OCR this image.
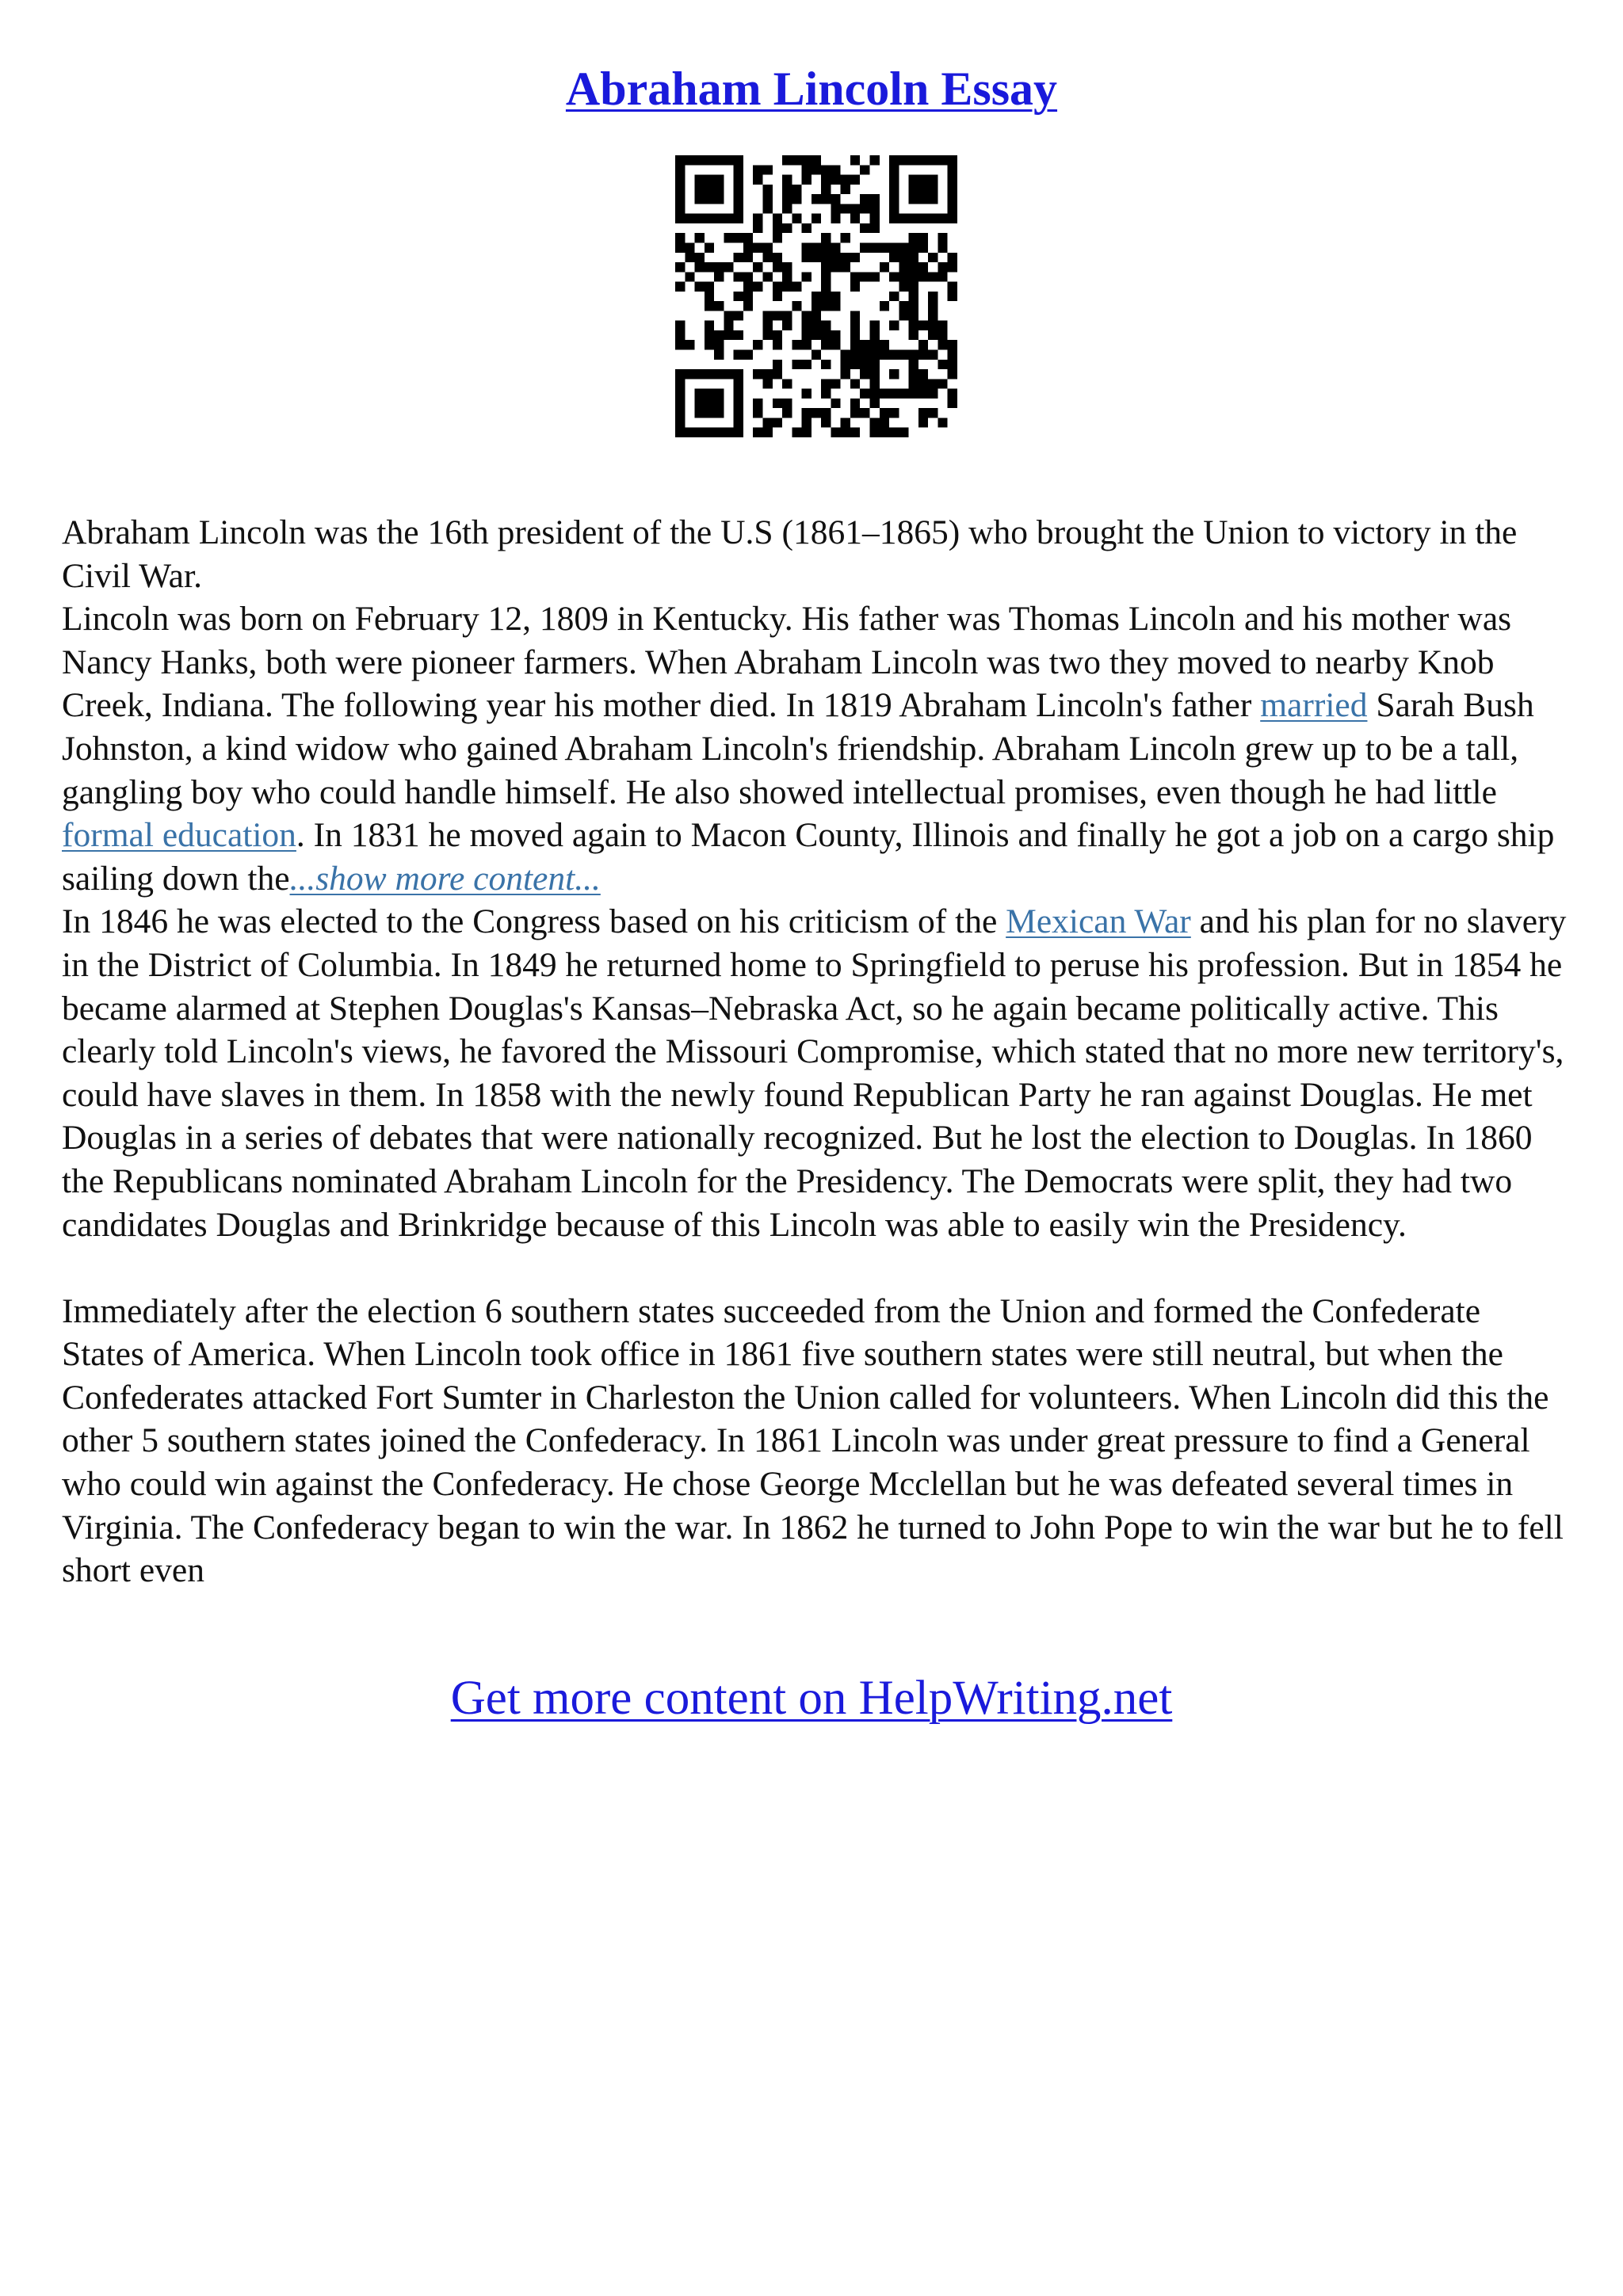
Abraham Lincoln Essay

Abraham Lincoln was the 16th president of the U.S (1861–1865) who brought the Union to victory in the Civil War.

Lincoln was born on February 12, 1809 in Kentucky. His father was Thomas Lincoln and his mother was Nancy Hanks, both were pioneer farmers. When Abraham Lincoln was two they moved to nearby Knob Creek, Indiana. The following year his mother died. In 1819 Abraham Lincoln's father married Sarah Bush Johnston, a kind widow who gained Abraham Lincoln's friendship. Abraham Lincoln grew up to be a tall, gangling boy who could handle himself. He also showed intellectual promises, even though he had little formal education. In 1831 he moved again to Macon County, Illinois and finally he got a job on a cargo ship sailing down the...show more content...

In 1846 he was elected to the Congress based on his criticism of the Mexican War and his plan for no slavery in the District of Columbia. In 1849 he returned home to Springfield to peruse his profession. But in 1854 he became alarmed at Stephen Douglas's Kansas–Nebraska Act, so he again became politically active. This clearly told Lincoln's views, he favored the Missouri Compromise, which stated that no more new territory's, could have slaves in them. In 1858 with the newly found Republican Party he ran against Douglas. He met Douglas in a series of debates that were nationally recognized. But he lost the election to Douglas. In 1860 the Republicans nominated Abraham Lincoln for the Presidency. The Democrats were split, they had two candidates Douglas and Brinkridge because of this Lincoln was able to easily win the Presidency.

Immediately after the election 6 southern states succeeded from the Union and formed the Confederate States of America. When Lincoln took office in 1861 five southern states were still neutral, but when the Confederates attacked Fort Sumter in Charleston the Union called for volunteers. When Lincoln did this the other 5 southern states joined the Confederacy. In 1861 Lincoln was under great pressure to find a General who could win against the Confederacy. He chose George Mcclellan but he was defeated several times in Virginia. The Confederacy began to win the war. In 1862 he turned to John Pope to win the war but he to fell short even

Get more content on HelpWriting.net
